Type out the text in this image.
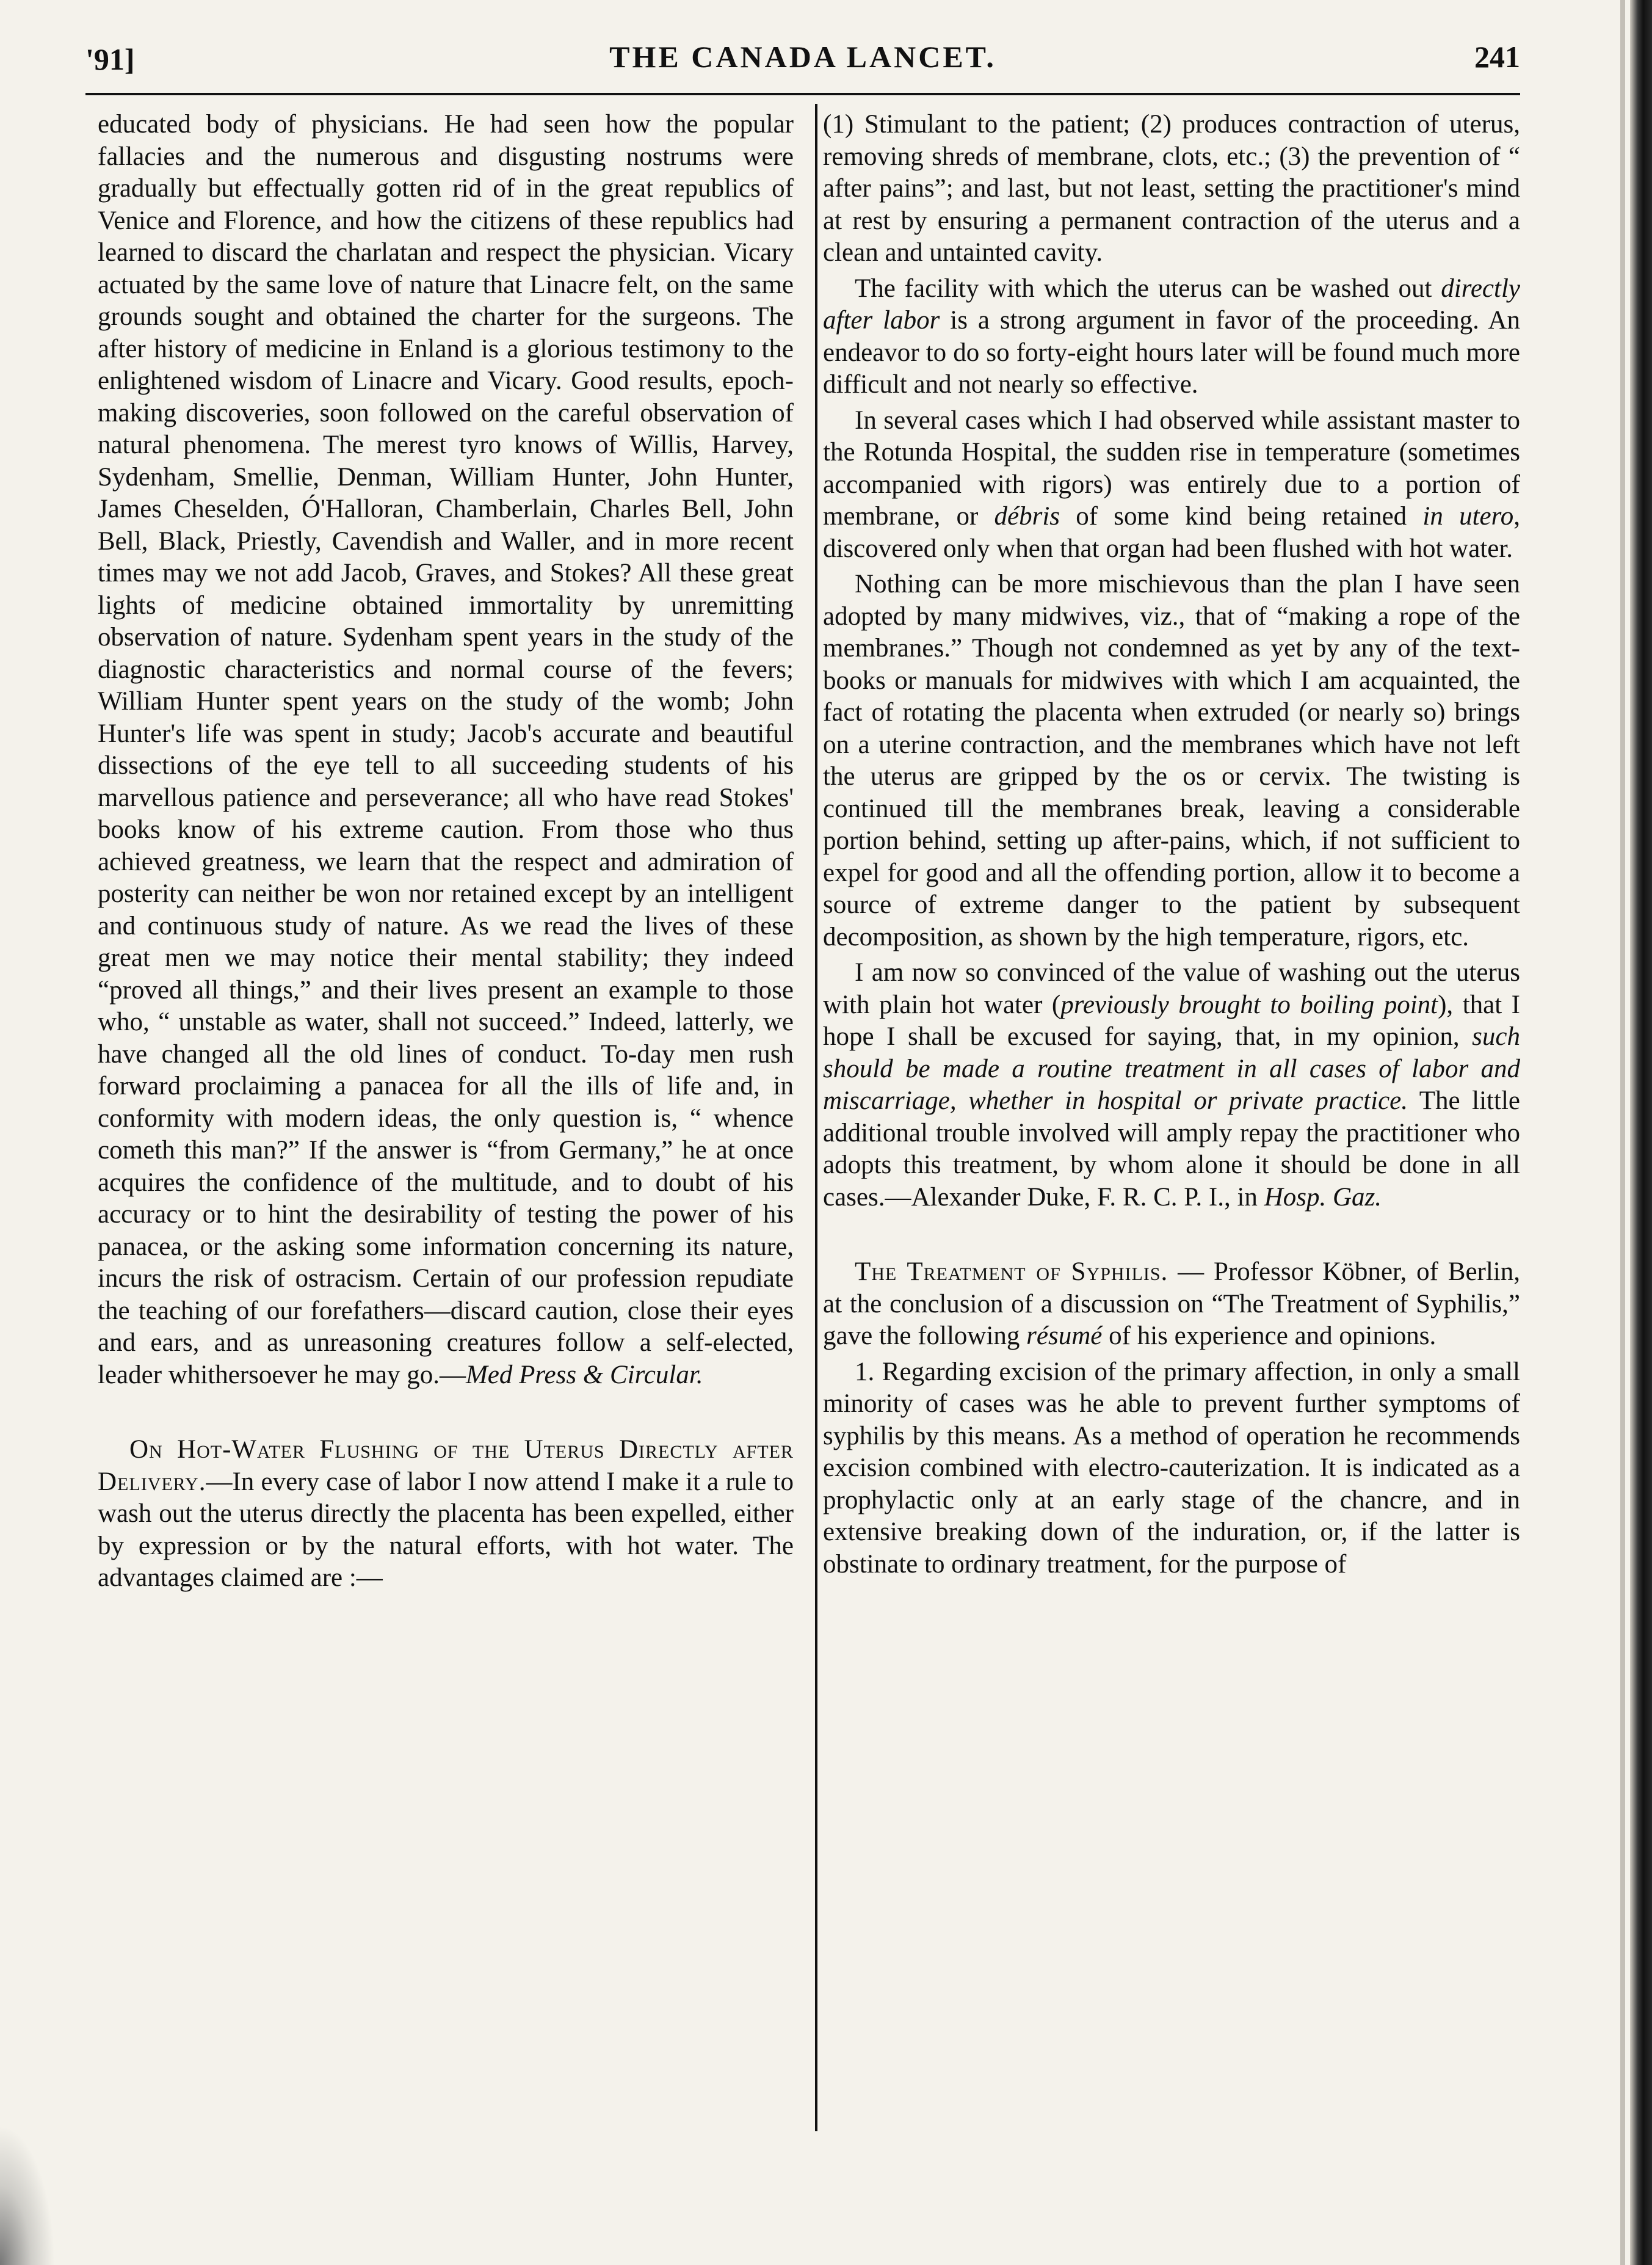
'91]	THE CANADA LANCET.	241

educated body of physicians. He had seen how the popular fallacies and the numerous and disgusting nostrums were gradually but effectually gotten rid of in the great republics of Venice and Florence, and how the citizens of these republics had learned to discard the charlatan and respect the physician. Vicary actuated by the same love of nature that Linacre felt, on the same grounds sought and obtained the charter for the surgeons. The after history of medicine in Enland is a glorious testimony to the enlightened wisdom of Linacre and Vicary. Good results, epoch-making discoveries, soon followed on the careful observation of natural phenomena. The merest tyro knows of Willis, Harvey, Sydenham, Smellie, Denman, William Hunter, John Hunter, James Cheselden, Ó'Halloran, Chamberlain, Charles Bell, John Bell, Black, Priestly, Cavendish and Waller, and in more recent times may we not add Jacob, Graves, and Stokes? All these great lights of medicine obtained immortality by unremitting observation of nature. Sydenham spent years in the study of the diagnostic characteristics and normal course of the fevers; William Hunter spent years on the study of the womb; John Hunter's life was spent in study; Jacob's accurate and beautiful dissections of the eye tell to all succeeding students of his marvellous patience and perseverance; all who have read Stokes' books know of his extreme caution. From those who thus achieved greatness, we learn that the respect and admiration of posterity can neither be won nor retained except by an intelligent and continuous study of nature. As we read the lives of these great men we may notice their mental stability; they indeed “proved all things,” and their lives present an example to those who, “ unstable as water, shall not succeed.” Indeed, latterly, we have changed all the old lines of conduct. To-day men rush forward proclaiming a panacea for all the ills of life and, in conformity with modern ideas, the only question is, “ whence cometh this man?” If the answer is “from Germany,” he at once acquires the confidence of the multitude, and to doubt of his accuracy or to hint the desirability of testing the power of his panacea, or the asking some information concerning its nature, incurs the risk of ostracism. Certain of our profession repudiate the teaching of our forefathers—discard caution, close their eyes and ears, and as unreasoning creatures follow a self-elected, leader whithersoever he may go.—Med Press & Circular.

On Hot-Water Flushing of the Uterus Directly after Delivery.—In every case of labor I now attend I make it a rule to wash out the uterus directly the placenta has been expelled, either by expression or by the natural efforts, with hot water. The advantages claimed are :—

(1) Stimulant to the patient; (2) produces contraction of uterus, removing shreds of membrane, clots, etc.; (3) the prevention of “ after pains”; and last, but not least, setting the practitioner's mind at rest by ensuring a permanent contraction of the uterus and a clean and untainted cavity.

The facility with which the uterus can be washed out directly after labor is a strong argument in favor of the proceeding. An endeavor to do so forty-eight hours later will be found much more difficult and not nearly so effective.

In several cases which I had observed while assistant master to the Rotunda Hospital, the sudden rise in temperature (sometimes accompanied with rigors) was entirely due to a portion of membrane, or débris of some kind being retained in utero, discovered only when that organ had been flushed with hot water.

Nothing can be more mischievous than the plan I have seen adopted by many midwives, viz., that of “making a rope of the membranes.” Though not condemned as yet by any of the text-books or manuals for midwives with which I am acquainted, the fact of rotating the placenta when extruded (or nearly so) brings on a uterine contraction, and the membranes which have not left the uterus are gripped by the os or cervix. The twisting is continued till the membranes break, leaving a considerable portion behind, setting up after-pains, which, if not sufficient to expel for good and all the offending portion, allow it to become a source of extreme danger to the patient by subsequent decomposition, as shown by the high temperature, rigors, etc.

I am now so convinced of the value of washing out the uterus with plain hot water (previously brought to boiling point), that I hope I shall be excused for saying, that, in my opinion, such should be made a routine treatment in all cases of labor and miscarriage, whether in hospital or private practice. The little additional trouble involved will amply repay the practitioner who adopts this treatment, by whom alone it should be done in all cases.—Alexander Duke, F. R. C. P. I., in Hosp. Gaz.

The Treatment of Syphilis. — Professor Köbner, of Berlin, at the conclusion of a discussion on “The Treatment of Syphilis,” gave the following résumé of his experience and opinions.

1. Regarding excision of the primary affection, in only a small minority of cases was he able to prevent further symptoms of syphilis by this means. As a method of operation he recommends excision combined with electro-cauterization. It is indicated as a prophylactic only at an early stage of the chancre, and in extensive breaking down of the induration, or, if the latter is obstinate to ordinary treatment, for the purpose of
